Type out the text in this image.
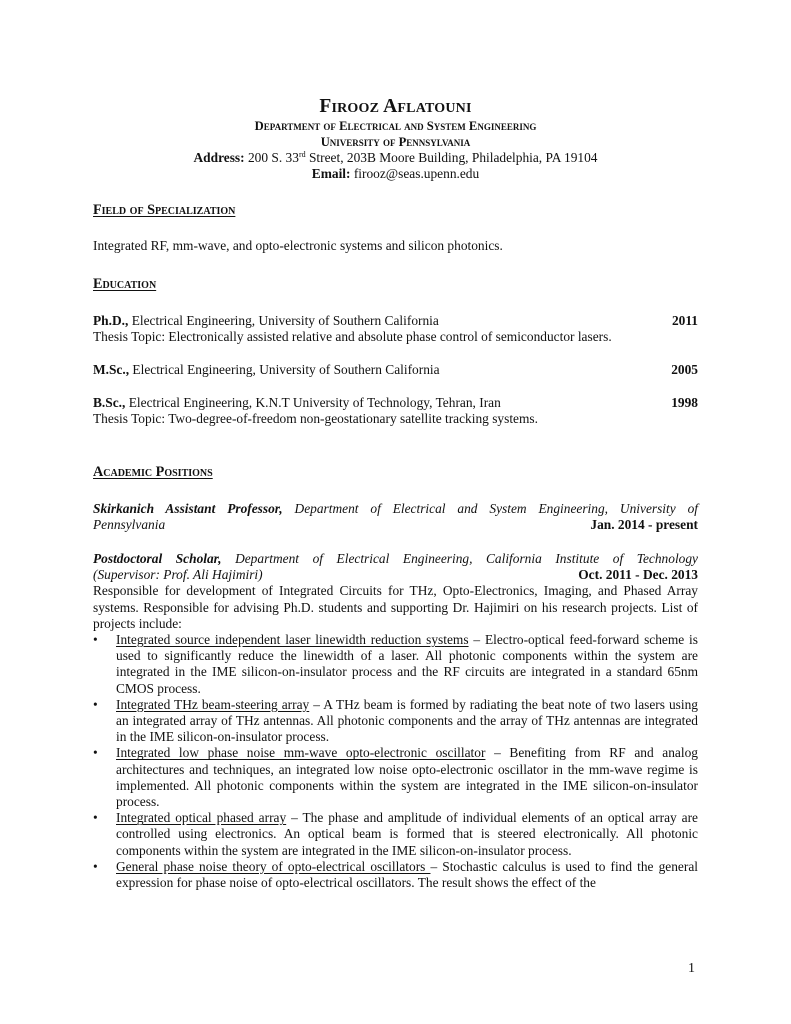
Firooz Aflatouni
Department of Electrical and System Engineering
University of Pennsylvania
Address: 200 S. 33rd Street, 203B Moore Building, Philadelphia, PA 19104
Email: firooz@seas.upenn.edu
Field of Specialization
Integrated RF, mm-wave, and opto-electronic systems and silicon photonics.
Education
Ph.D., Electrical Engineering, University of Southern California	2011
Thesis Topic: Electronically assisted relative and absolute phase control of semiconductor lasers.
M.Sc., Electrical Engineering, University of Southern California	2005
B.Sc., Electrical Engineering, K.N.T University of Technology, Tehran, Iran	1998
Thesis Topic: Two-degree-of-freedom non-geostationary satellite tracking systems.
Academic Positions
Skirkanich Assistant Professor, Department of Electrical and System Engineering, University of
Pennsylvania	Jan. 2014 - present
Postdoctoral Scholar, Department of Electrical Engineering, California Institute of Technology
(Supervisor: Prof. Ali Hajimiri)	Oct. 2011 - Dec. 2013
Responsible for development of Integrated Circuits for THz, Opto-Electronics, Imaging, and Phased Array systems. Responsible for advising Ph.D. students and supporting Dr. Hajimiri on his research projects. List of projects include:
•	Integrated source independent laser linewidth reduction systems – Electro-optical feed-forward scheme is used to significantly reduce the linewidth of a laser. All photonic components within the system are integrated in the IME silicon-on-insulator process and the RF circuits are integrated in a standard 65nm CMOS process.
•	Integrated THz beam-steering array – A THz beam is formed by radiating the beat note of two lasers using an integrated array of THz antennas. All photonic components and the array of THz antennas are integrated in the IME silicon-on-insulator process.
•	Integrated low phase noise mm-wave opto-electronic oscillator – Benefiting from RF and analog architectures and techniques, an integrated low noise opto-electronic oscillator in the mm-wave regime is implemented. All photonic components within the system are integrated in the IME silicon-on-insulator process.
•	Integrated optical phased array – The phase and amplitude of individual elements of an optical array are controlled using electronics. An optical beam is formed that is steered electronically. All photonic components within the system are integrated in the IME silicon-on-insulator process.
•	General phase noise theory of opto-electrical oscillators – Stochastic calculus is used to find the general expression for phase noise of opto-electrical oscillators. The result shows the effect of the
1
